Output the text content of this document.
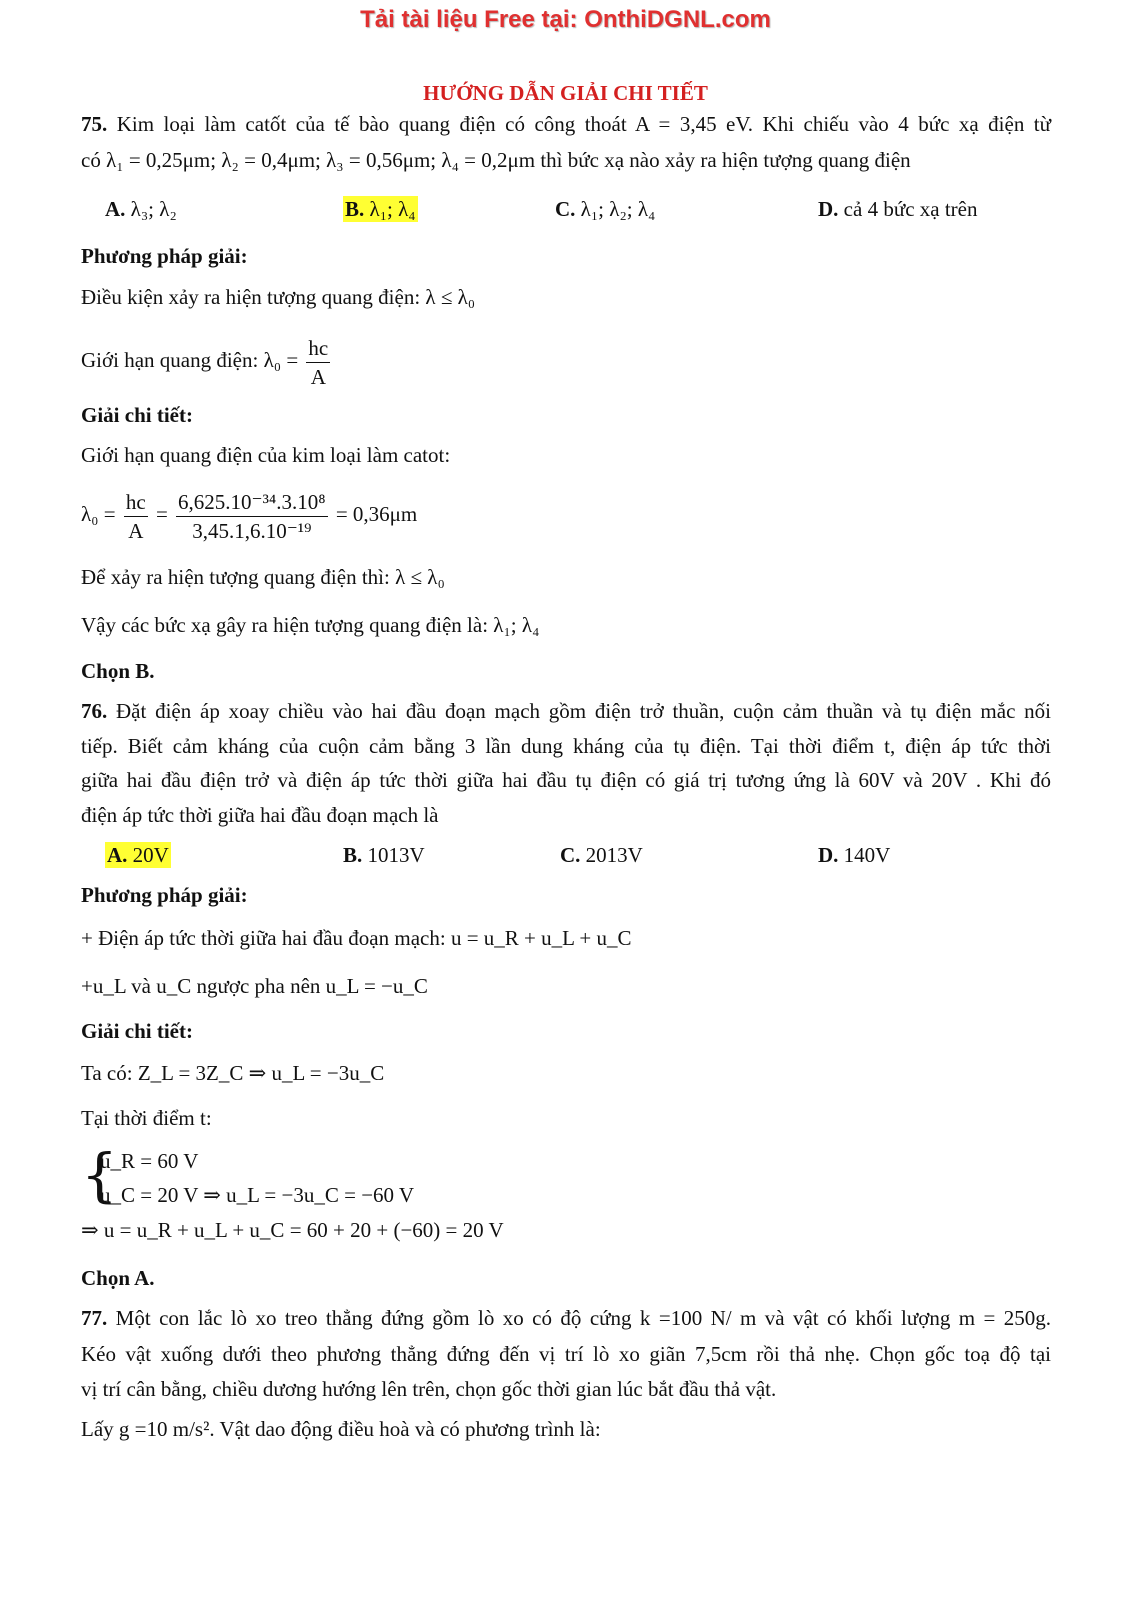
Tải tài liệu Free tại: OnthiDGNL.com
HƯỚNG DẪN GIẢI CHI TIẾT
75. Kim loại làm catốt của tế bào quang điện có công thoát A = 3,45 eV. Khi chiếu vào 4 bức xạ điện từ
có λ₁ = 0,25μm; λ₂ = 0,4μm; λ₃ = 0,56μm; λ₄ = 0,2μm thì bức xạ nào xảy ra hiện tượng quang điện
A. λ₃; λ₂	B. λ₁; λ₄	C. λ₁; λ₂; λ₄	D. cả 4 bức xạ trên
Phương pháp giải:
Điều kiện xảy ra hiện tượng quang điện: λ ≤ λ₀
Giới hạn quang điện: $\lambda_0 = \frac{hc}{A}$
Giải chi tiết:
Giới hạn quang điện của kim loại làm catot:
$\lambda_0 = \frac{hc}{A} = \frac{\text{6,625.10⁻³⁴.3.10⁸}}{\text{3,45.1,6.10⁻¹⁹}} = 0,36\mu m$
Để xảy ra hiện tượng quang điện thì: λ ≤ λ₀
Vậy các bức xạ gây ra hiện tượng quang điện là: λ₁; λ₄
Chọn B.
76. Đặt điện áp xoay chiều vào hai đầu đoạn mạch gồm điện trở thuần, cuộn cảm thuần và tụ điện mắc nối
tiếp. Biết cảm kháng của cuộn cảm bằng 3 lần dung kháng của tụ điện. Tại thời điểm t, điện áp tức thời
giữa hai đầu điện trở và điện áp tức thời giữa hai đầu tụ điện có giá trị tương ứng là 60V và 20V . Khi đó
điện áp tức thời giữa hai đầu đoạn mạch là
A. 20V	B. 1013V	C. 2013V	D. 140V
Phương pháp giải:
+ Điện áp tức thời giữa hai đầu đoạn mạch: u = u_R + u_L + u_C
+u_L và u_C ngược pha nên u_L = −u_C
Giải chi tiết:
Ta có: Z_L = 3Z_C ⇒ u_L = −3u_C
Tại thời điểm t:
{
u_R = 60 V
u_C = 20 V ⇒ u_L = −3u_C = −60 V
⇒ u = u_R + u_L + u_C = 60 + 20 + (−60) = 20 V
Chọn A.
77. Một con lắc lò xo treo thẳng đứng gồm lò xo có độ cứng k =100 N/ m và vật có khối lượng m = 250g.
Kéo vật xuống dưới theo phương thẳng đứng đến vị trí lò xo giãn 7,5cm rồi thả nhẹ. Chọn gốc toạ độ tại
vị trí cân bằng, chiều dương hướng lên trên, chọn gốc thời gian lúc bắt đầu thả vật.
Lấy g =10 m/s². Vật dao động điều hoà và có phương trình là:
